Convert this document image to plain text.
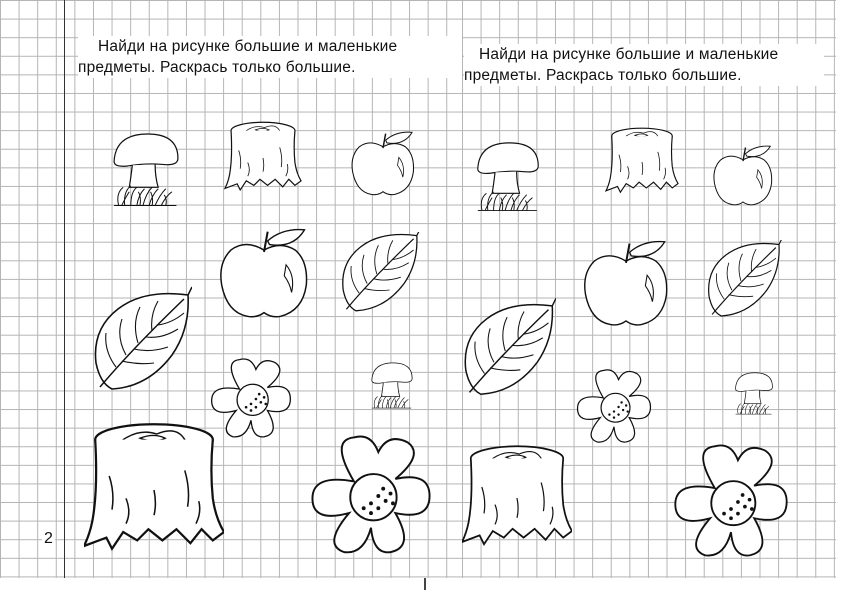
Найди на рисунке большие и маленькие
предметы. Раскрась только большие.
2
Найди на рисунке большие и маленькие
предметы. Раскрась только большие.
